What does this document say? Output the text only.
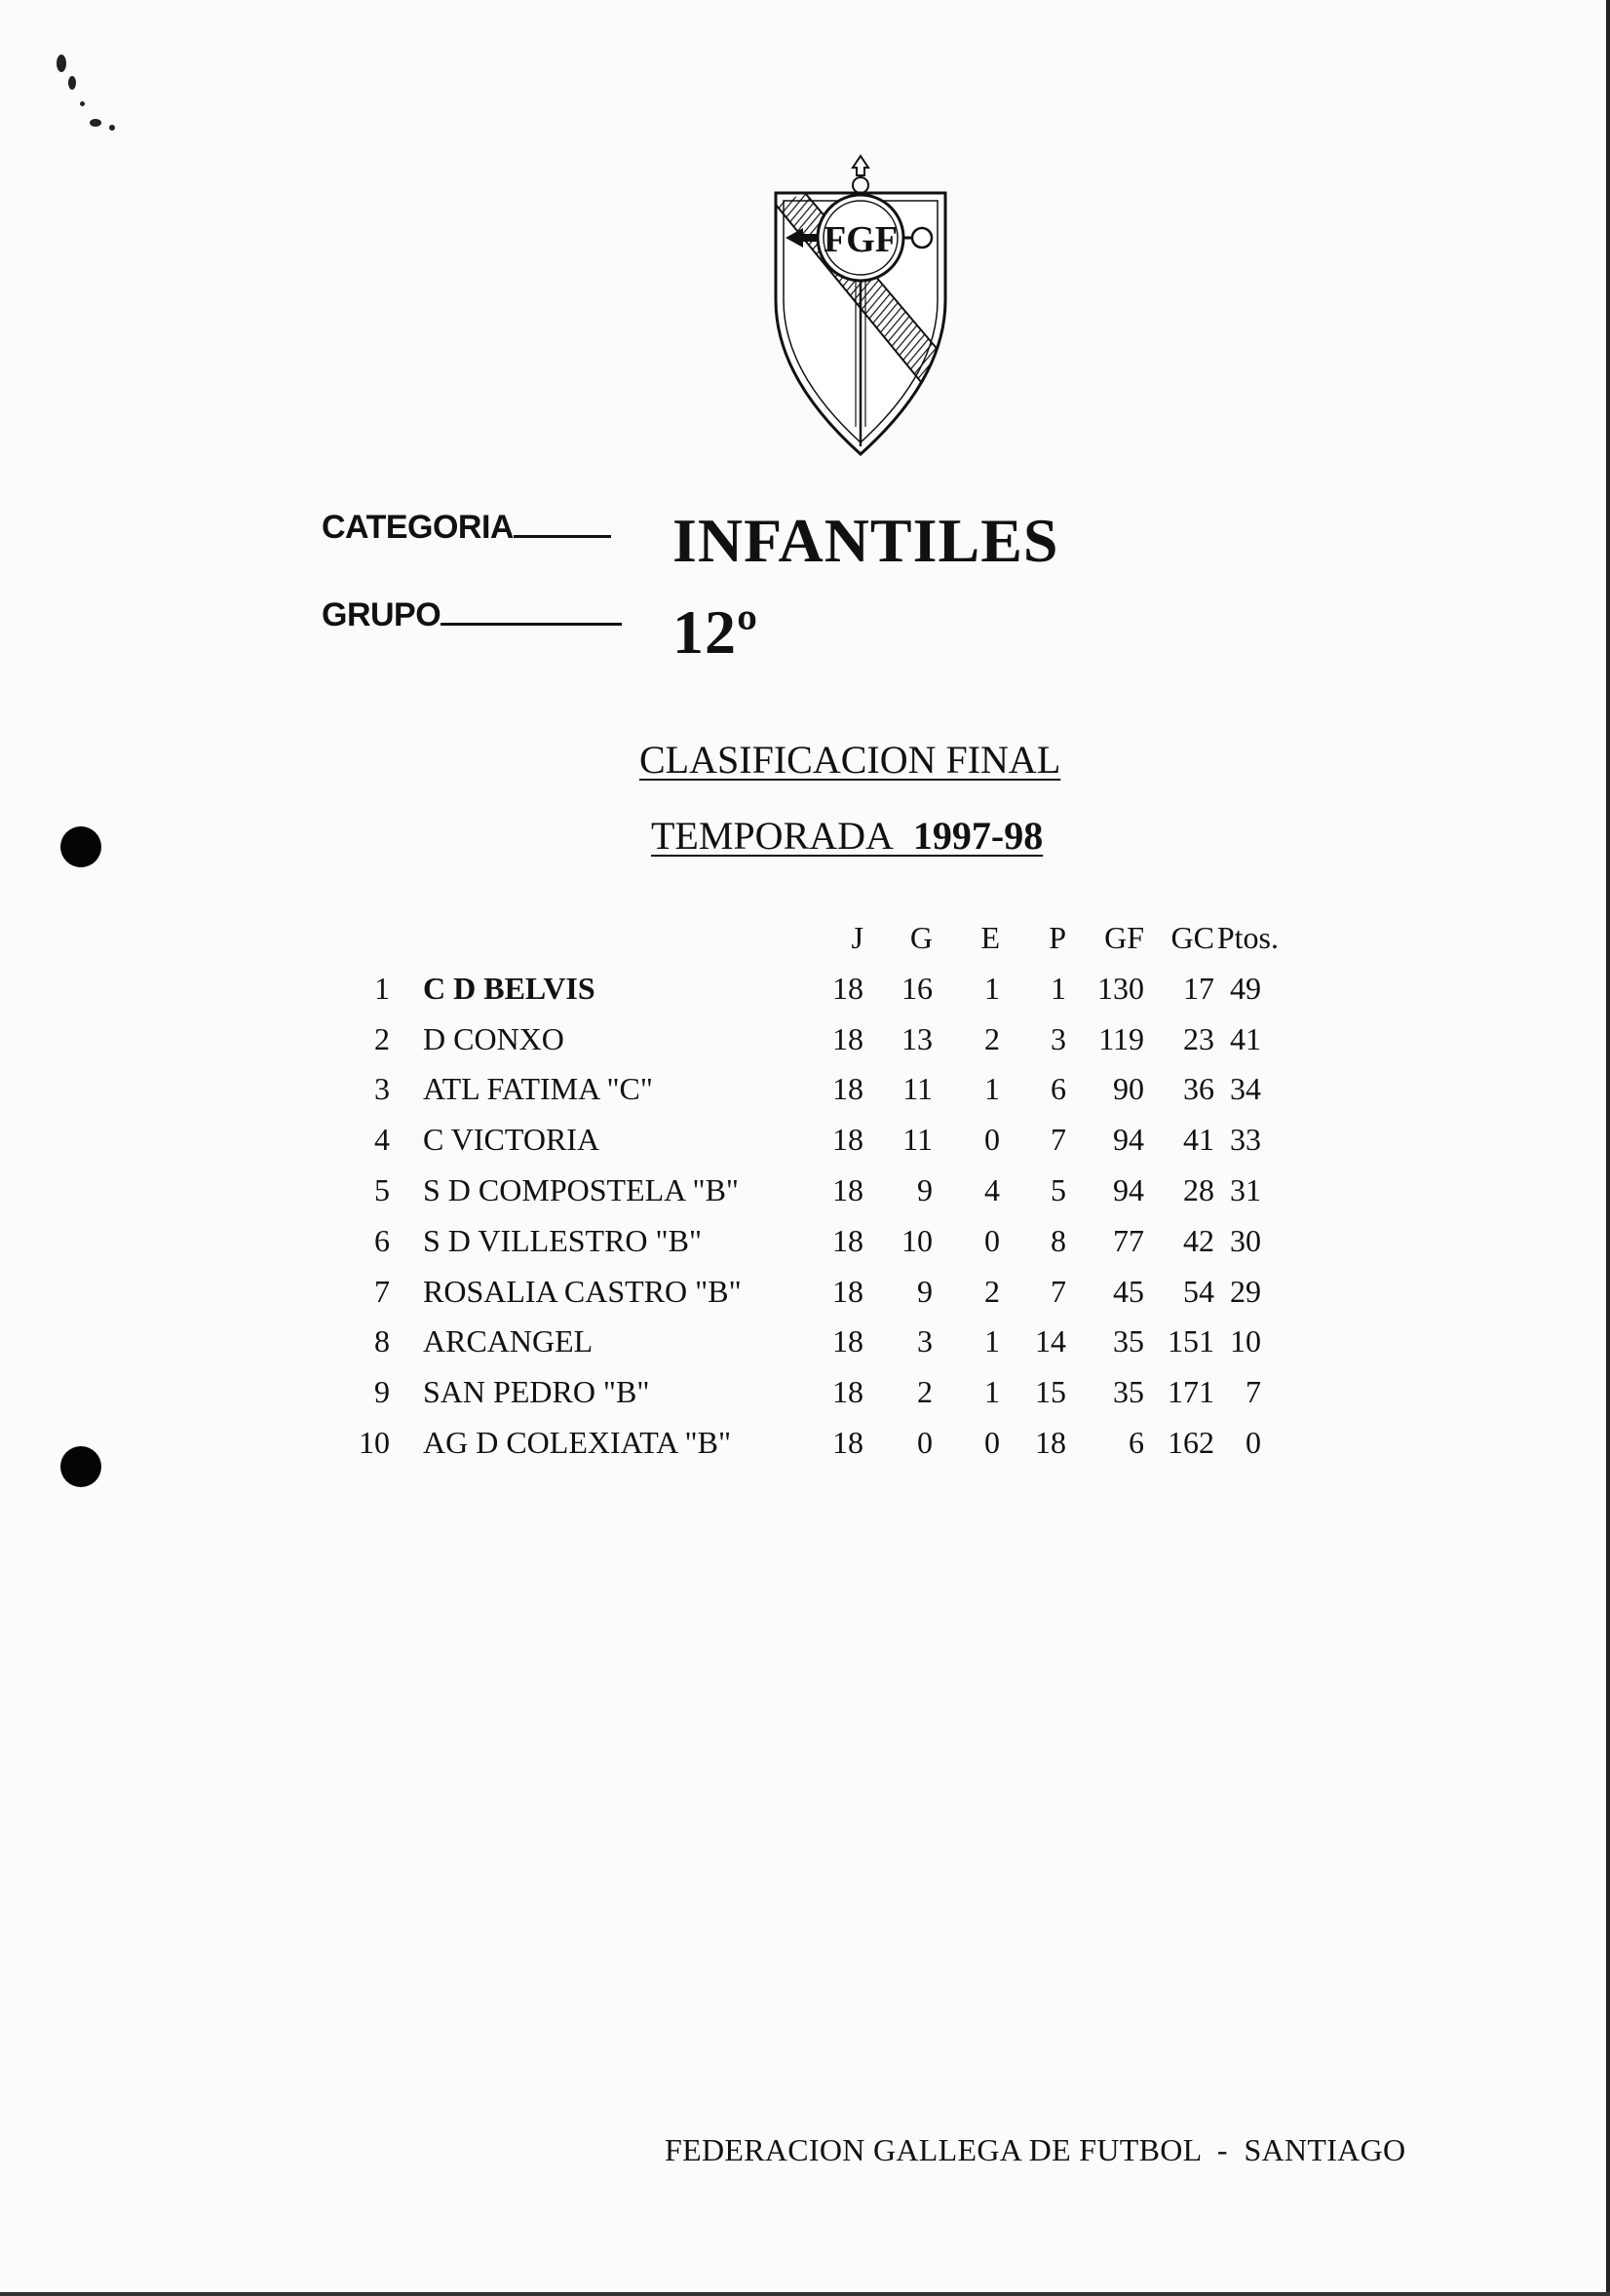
FGF
CATEGORIA	INFANTILES
GRUPO	12º
CLASIFICACION FINAL
TEMPORADA 1997-98
J	G	E	P	GF GC Ptos.
1 C D BELVIS	18	16	1	1	130	17 49
2 D CONXO	18	13	2	3	119	23 41
3 ATL FATIMA "C"	18	11	1	6	90	36 34
4 C VICTORIA	18	11	0	7	94	41 33
5 S D COMPOSTELA "B"	18	9	4	5	94	28 31
6 S D VILLESTRO "B"	18	10	0	8	77	42 30
7 ROSALIA CASTRO "B"	18	9	2	7	45	54 29
8 ARCANGEL	18	3	1	14	35 151 10
9 SAN PEDRO "B"	18	2	1	15	35 171	7
10 AG D COLEXIATA "B"	18	0	0	18	6 162	0
FEDERACION GALLEGA DE FUTBOL  -  SANTIAGO
